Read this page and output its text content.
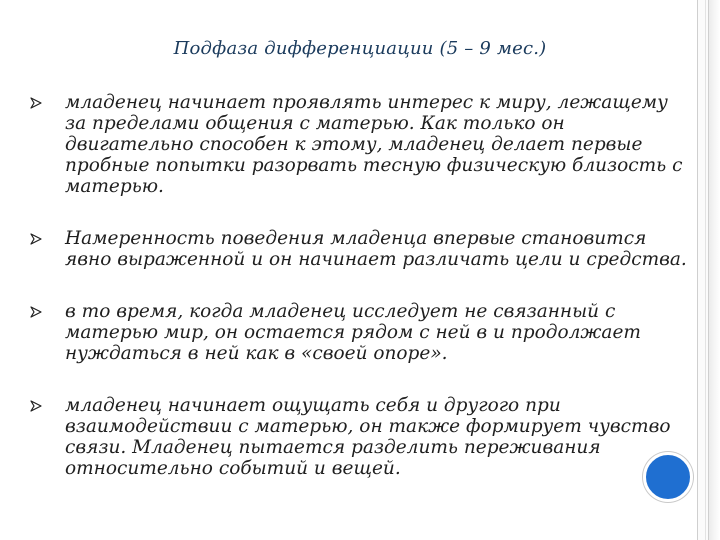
Подфаза дифференциации (5 – 9 мес.)
младенец начинает проявлять интерес к миру, лежащему за пределами общения с матерью. Как только он двигательно способен к этому, младенец делает первые пробные попытки разорвать тесную физическую близость с матерью.
Намеренность поведения младенца впервые становится явно выраженной и он начинает различать цели и средства.
в то время, когда младенец исследует не связанный с матерью мир, он остается рядом с ней в и продолжает нуждаться в ней как в «своей опоре».
младенец начинает ощущать себя и другого при взаимодействии с матерью, он также формирует чувство связи. Младенец пытается разделить переживания относительно событий и вещей.
